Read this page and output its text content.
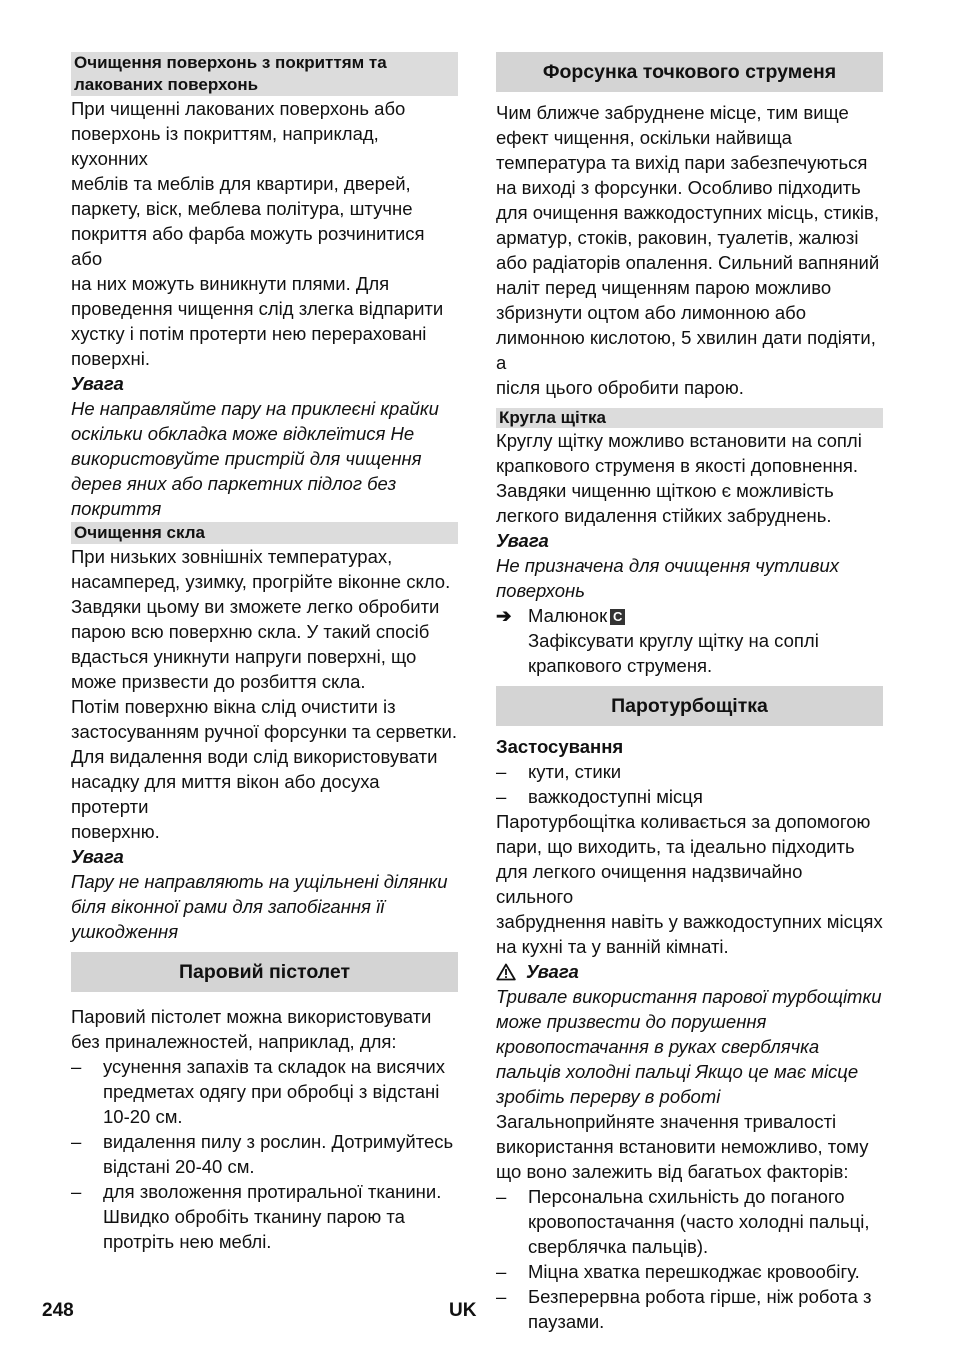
Очищення поверхонь з покриттям та
лакованих поверхонь
При чищенні лакованих поверхонь або
поверхонь із покриттям, наприклад, кухонних
меблів та меблів для квартири, дверей,
паркету, віск, меблева політура, штучне
покриття або фарба можуть розчинитися або
на них можуть виникнути плями. Для
проведення чищення слід злегка відпарити
хустку і потім протерти нею перераховані
поверхні.
Увага
Не направляйте пару на приклеєні крайки
оскільки обкладка може відклеїтися Не
використовуйте пристрій для чищення
дерев яних або паркетних підлог без
покриття
Очищення скла
При низьких зовнішніх температурах,
насамперед, узимку, прогрійте віконне скло.
Завдяки цьому ви зможете легко обробити
парою всю поверхню скла. У такий спосіб
вдасться уникнути напруги поверхні, що
може призвести до розбиття скла.
Потім поверхню вікна слід очистити із
застосуванням ручної форсунки та серветки.
Для видалення води слід використовувати
насадку для миття вікон або досуха протерти
поверхню.
Увага
Пару не направляють на ущільнені ділянки
біля віконної рами для запобігання її
ушкодження
Паровий пістолет
Паровий пістолет можна використовувати
без приналежностей, наприклад, для:
– усунення запахів та складок на висячих
предметах одягу при обробці з відстані
10-20 см.
– видалення пилу з рослин. Дотримуйтесь
відстані 20-40 см.
– для зволоження протиральної тканини.
Швидко обробіть тканину парою та
протріть нею меблі.
Форсунка точкового струменя
Чим ближче забруднене місце, тим вище
ефект чищення, оскільки найвища
температура та вихід пари забезпечуються
на виході з форсунки. Особливо підходить
для очищення важкодоступних місць, стиків,
арматур, стоків, раковин, туалетів, жалюзі
або радіаторів опалення. Сильний вапняний
наліт перед чищенням парою можливо
збризнути оцтом або лимонною або
лимонною кислотою, 5 хвилин дати подіяти, а
після цього обробити парою.
Кругла щітка
Круглу щітку можливо встановити на соплі
крапкового струменя в якості доповнення.
Завдяки чищенню щіткою є можливість
легкого видалення стійких забруднень.
Увага
Не призначена для очищення чутливих
поверхонь
➔ Малюнок C
Зафіксувати круглу щітку на соплі
крапкового струменя.
Паротурбощітка
Застосування
– кути, стики
– важкодоступні місця
Паротурбощітка коливається за допомогою
пари, що виходить, та ідеально підходить
для легкого очищення надзвичайно сильного
забруднення навіть у важкодоступних місцях
на кухні та у ванній кімнаті.
Увага
Тривале використання парової турбощітки
може призвести до порушення
кровопостачання в руках сверблячка
пальців холодні пальці Якщо це має місце
зробіть перерву в роботі
Загальноприйняте значення тривалості
використання встановити неможливо, тому
що воно залежить від багатьох факторів:
– Персональна схильність до поганого
кровопостачання (часто холодні пальці,
сверблячка пальців).
– Міцна хватка перешкоджає кровообігу.
– Безперервна робота гірше, ніж робота з
паузами.
248	UK
